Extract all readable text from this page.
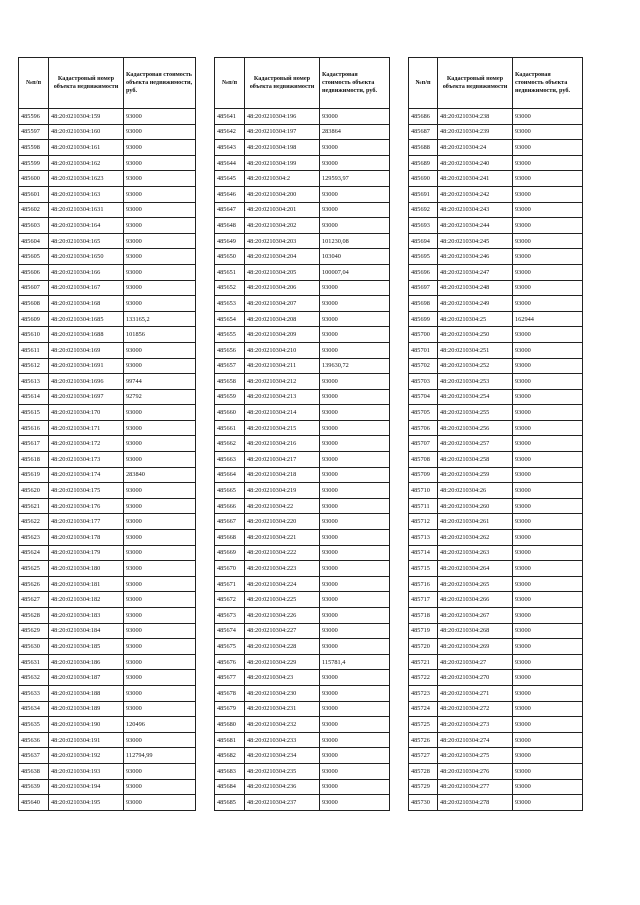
№п/п	Кадастровый номер объекта недвижимости	Кадастровая стоимость объекта недвижимости, руб.
485596	48:20:0210304:159	93000
485597	48:20:0210304:160	93000
485598	48:20:0210304:161	93000
485599	48:20:0210304:162	93000
485600	48:20:0210304:1623	93000
485601	48:20:0210304:163	93000
485602	48:20:0210304:1631	93000
485603	48:20:0210304:164	93000
485604	48:20:0210304:165	93000
485605	48:20:0210304:1650	93000
485606	48:20:0210304:166	93000
485607	48:20:0210304:167	93000
485608	48:20:0210304:168	93000
485609	48:20:0210304:1685	133165,2
485610	48:20:0210304:1688	101856
485611	48:20:0210304:169	93000
485612	48:20:0210304:1691	93000
485613	48:20:0210304:1696	99744
485614	48:20:0210304:1697	92792
485615	48:20:0210304:170	93000
485616	48:20:0210304:171	93000
485617	48:20:0210304:172	93000
485618	48:20:0210304:173	93000
485619	48:20:0210304:174	283840
485620	48:20:0210304:175	93000
485621	48:20:0210304:176	93000
485622	48:20:0210304:177	93000
485623	48:20:0210304:178	93000
485624	48:20:0210304:179	93000
485625	48:20:0210304:180	93000
485626	48:20:0210304:181	93000
485627	48:20:0210304:182	93000
485628	48:20:0210304:183	93000
485629	48:20:0210304:184	93000
485630	48:20:0210304:185	93000
485631	48:20:0210304:186	93000
485632	48:20:0210304:187	93000
485633	48:20:0210304:188	93000
485634	48:20:0210304:189	93000
485635	48:20:0210304:190	120496
485636	48:20:0210304:191	93000
485637	48:20:0210304:192	112794,99
485638	48:20:0210304:193	93000
485639	48:20:0210304:194	93000
485640	48:20:0210304:195	93000
№п/п	Кадастровый номер объекта недвижимости	Кадастровая стоимость объекта недвижимости, руб.
485641	48:20:0210304:196	93000
485642	48:20:0210304:197	283864
485643	48:20:0210304:198	93000
485644	48:20:0210304:199	93000
485645	48:20:0210304:2	129593,97
485646	48:20:0210304:200	93000
485647	48:20:0210304:201	93000
485648	48:20:0210304:202	93000
485649	48:20:0210304:203	101230,08
485650	48:20:0210304:204	103040
485651	48:20:0210304:205	100007,04
485652	48:20:0210304:206	93000
485653	48:20:0210304:207	93000
485654	48:20:0210304:208	93000
485655	48:20:0210304:209	93000
485656	48:20:0210304:210	93000
485657	48:20:0210304:211	139630,72
485658	48:20:0210304:212	93000
485659	48:20:0210304:213	93000
485660	48:20:0210304:214	93000
485661	48:20:0210304:215	93000
485662	48:20:0210304:216	93000
485663	48:20:0210304:217	93000
485664	48:20:0210304:218	93000
485665	48:20:0210304:219	93000
485666	48:20:0210304:22	93000
485667	48:20:0210304:220	93000
485668	48:20:0210304:221	93000
485669	48:20:0210304:222	93000
485670	48:20:0210304:223	93000
485671	48:20:0210304:224	93000
485672	48:20:0210304:225	93000
485673	48:20:0210304:226	93000
485674	48:20:0210304:227	93000
485675	48:20:0210304:228	93000
485676	48:20:0210304:229	115781,4
485677	48:20:0210304:23	93000
485678	48:20:0210304:230	93000
485679	48:20:0210304:231	93000
485680	48:20:0210304:232	93000
485681	48:20:0210304:233	93000
485682	48:20:0210304:234	93000
485683	48:20:0210304:235	93000
485684	48:20:0210304:236	93000
485685	48:20:0210304:237	93000
№п/п	Кадастровый номер объекта недвижимости	Кадастровая стоимость объекта недвижимости, руб.
485686	48:20:0210304:238	93000
485687	48:20:0210304:239	93000
485688	48:20:0210304:24	93000
485689	48:20:0210304:240	93000
485690	48:20:0210304:241	93000
485691	48:20:0210304:242	93000
485692	48:20:0210304:243	93000
485693	48:20:0210304:244	93000
485694	48:20:0210304:245	93000
485695	48:20:0210304:246	93000
485696	48:20:0210304:247	93000
485697	48:20:0210304:248	93000
485698	48:20:0210304:249	93000
485699	48:20:0210304:25	162944
485700	48:20:0210304:250	93000
485701	48:20:0210304:251	93000
485702	48:20:0210304:252	93000
485703	48:20:0210304:253	93000
485704	48:20:0210304:254	93000
485705	48:20:0210304:255	93000
485706	48:20:0210304:256	93000
485707	48:20:0210304:257	93000
485708	48:20:0210304:258	93000
485709	48:20:0210304:259	93000
485710	48:20:0210304:26	93000
485711	48:20:0210304:260	93000
485712	48:20:0210304:261	93000
485713	48:20:0210304:262	93000
485714	48:20:0210304:263	93000
485715	48:20:0210304:264	93000
485716	48:20:0210304:265	93000
485717	48:20:0210304:266	93000
485718	48:20:0210304:267	93000
485719	48:20:0210304:268	93000
485720	48:20:0210304:269	93000
485721	48:20:0210304:27	93000
485722	48:20:0210304:270	93000
485723	48:20:0210304:271	93000
485724	48:20:0210304:272	93000
485725	48:20:0210304:273	93000
485726	48:20:0210304:274	93000
485727	48:20:0210304:275	93000
485728	48:20:0210304:276	93000
485729	48:20:0210304:277	93000
485730	48:20:0210304:278	93000
